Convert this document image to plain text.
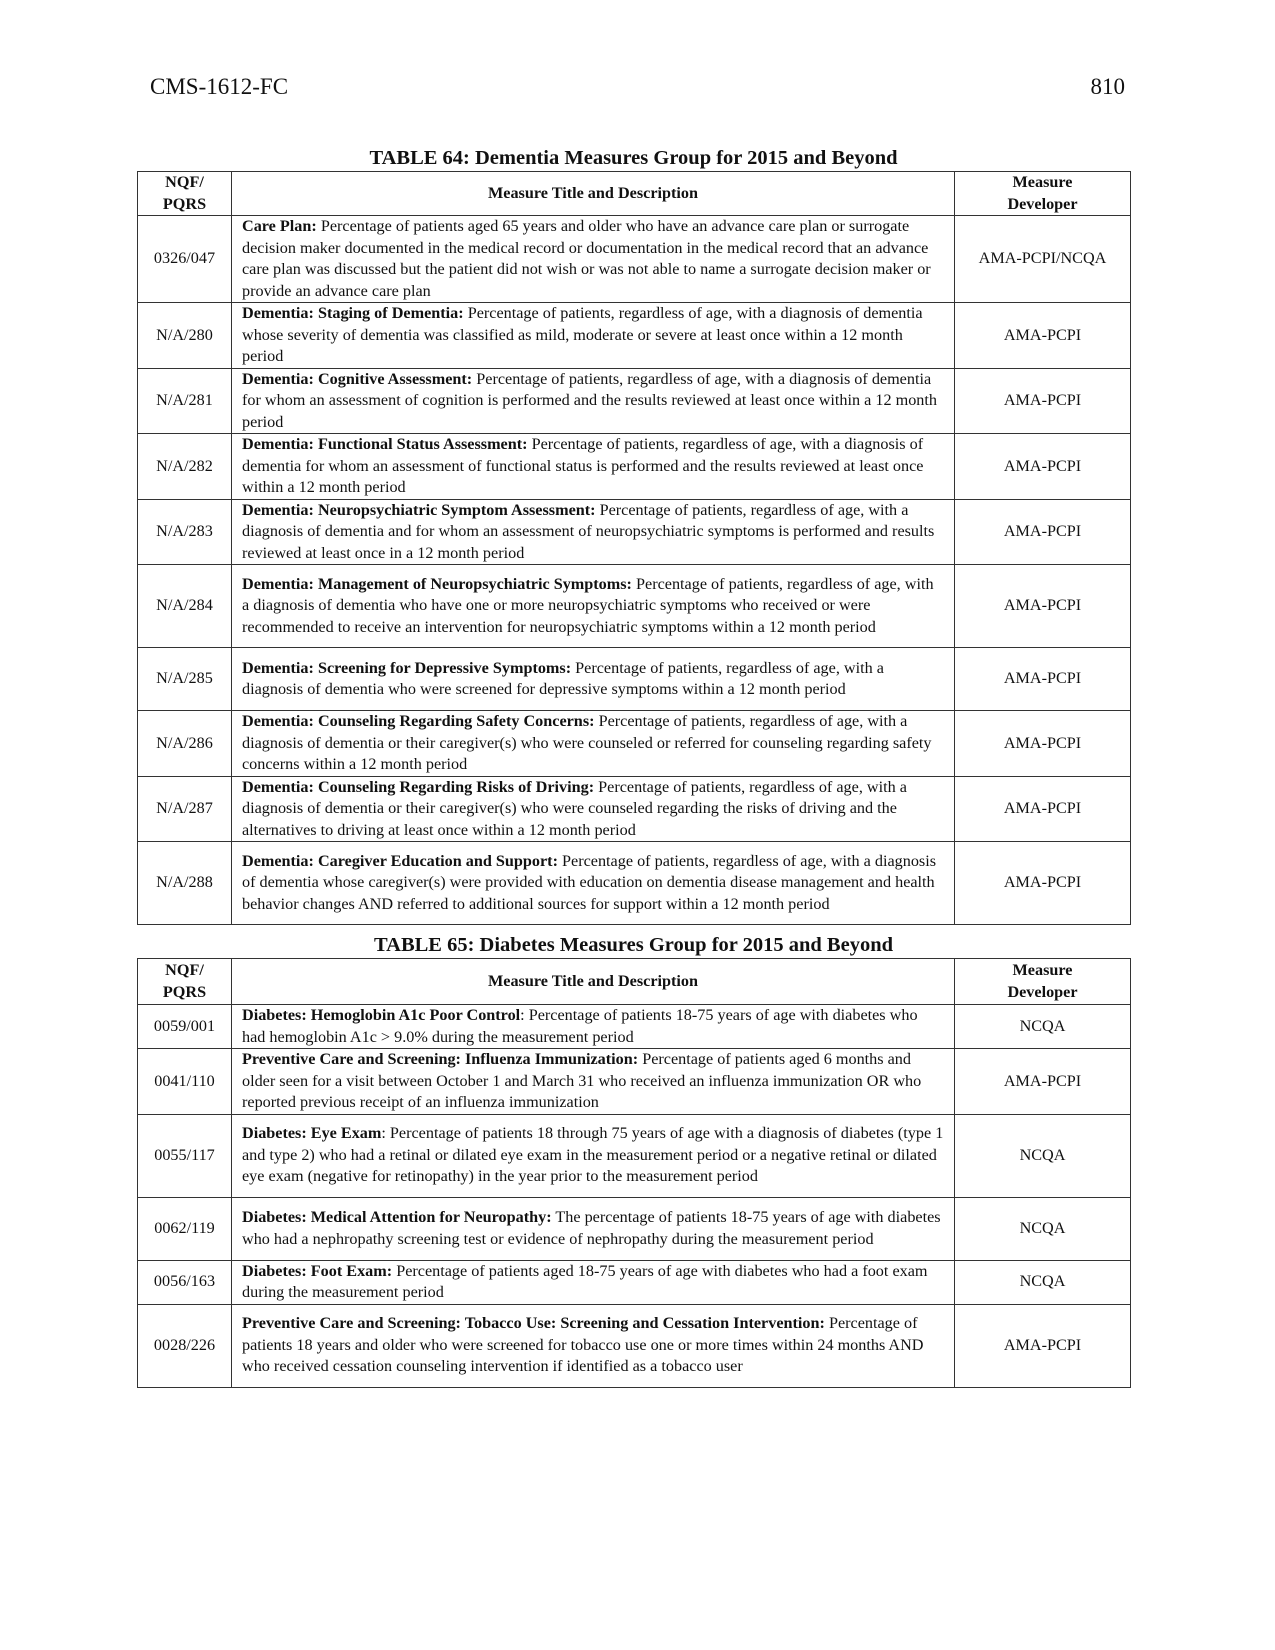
CMS-1612-FC	810
TABLE 64: Dementia Measures Group for 2015 and Beyond
NQF/
PQRS	Measure Title and Description	Measure
Developer
0326/047	Care Plan: Percentage of patients aged 65 years and older who have an advance care plan or surrogate decision maker documented in the medical record or documentation in the medical record that an advance care plan was discussed but the patient did not wish or was not able to name a surrogate decision maker or provide an advance care plan	AMA-PCPI/NCQA
N/A/280	Dementia: Staging of Dementia: Percentage of patients, regardless of age, with a diagnosis of dementia whose severity of dementia was classified as mild, moderate or severe at least once within a 12 month period	AMA-PCPI
N/A/281	Dementia: Cognitive Assessment: Percentage of patients, regardless of age, with a diagnosis of dementia for whom an assessment of cognition is performed and the results reviewed at least once within a 12 month period	AMA-PCPI
N/A/282	Dementia: Functional Status Assessment: Percentage of patients, regardless of age, with a diagnosis of dementia for whom an assessment of functional status is performed and the results reviewed at least once within a 12 month period	AMA-PCPI
N/A/283	Dementia: Neuropsychiatric Symptom Assessment: Percentage of patients, regardless of age, with a diagnosis of dementia and for whom an assessment of neuropsychiatric symptoms is performed and results reviewed at least once in a 12 month period	AMA-PCPI
N/A/284	Dementia: Management of Neuropsychiatric Symptoms: Percentage of patients, regardless of age, with a diagnosis of dementia who have one or more neuropsychiatric symptoms who received or were recommended to receive an intervention for neuropsychiatric symptoms within a 12 month period	AMA-PCPI
N/A/285	Dementia: Screening for Depressive Symptoms: Percentage of patients, regardless of age, with a diagnosis of dementia who were screened for depressive symptoms within a 12 month period	AMA-PCPI
N/A/286	Dementia: Counseling Regarding Safety Concerns: Percentage of patients, regardless of age, with a diagnosis of dementia or their caregiver(s) who were counseled or referred for counseling regarding safety concerns within a 12 month period	AMA-PCPI
N/A/287	Dementia: Counseling Regarding Risks of Driving: Percentage of patients, regardless of age, with a diagnosis of dementia or their caregiver(s) who were counseled regarding the risks of driving and the alternatives to driving at least once within a 12 month period	AMA-PCPI
N/A/288	Dementia: Caregiver Education and Support: Percentage of patients, regardless of age, with a diagnosis of dementia whose caregiver(s) were provided with education on dementia disease management and health behavior changes AND referred to additional sources for support within a 12 month period	AMA-PCPI
TABLE 65: Diabetes Measures Group for 2015 and Beyond
NQF/
PQRS	Measure Title and Description	Measure
Developer
0059/001	Diabetes: Hemoglobin A1c Poor Control: Percentage of patients 18-75 years of age with diabetes who had hemoglobin A1c > 9.0% during the measurement period	NCQA
0041/110	Preventive Care and Screening: Influenza Immunization: Percentage of patients aged 6 months and older seen for a visit between October 1 and March 31 who received an influenza immunization OR who reported previous receipt of an influenza immunization	AMA-PCPI
0055/117	Diabetes: Eye Exam: Percentage of patients 18 through 75 years of age with a diagnosis of diabetes (type 1 and type 2) who had a retinal or dilated eye exam in the measurement period or a negative retinal or dilated eye exam (negative for retinopathy) in the year prior to the measurement period	NCQA
0062/119	Diabetes: Medical Attention for Neuropathy: The percentage of patients 18-75 years of age with diabetes who had a nephropathy screening test or evidence of nephropathy during the measurement period	NCQA
0056/163	Diabetes: Foot Exam: Percentage of patients aged 18-75 years of age with diabetes who had a foot exam during the measurement period	NCQA
0028/226	Preventive Care and Screening: Tobacco Use: Screening and Cessation Intervention: Percentage of patients 18 years and older who were screened for tobacco use one or more times within 24 months AND who received cessation counseling intervention if identified as a tobacco user	AMA-PCPI
